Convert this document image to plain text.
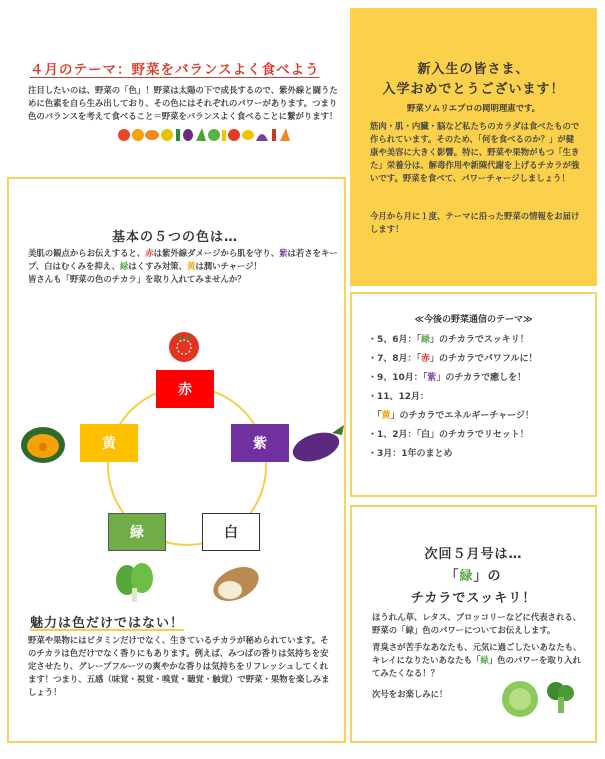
４月のテーマ：野菜をバランスよく食べよう
注目したいのは、野菜の「色」！野菜は太陽の下で成長するので、紫外線と闘うために色素を自ら生み出しており、その色にはそれぞれのパワーがあります。つまり色のバランスを考えて食べること＝野菜をバランスよく食べることに繋がります！
新入生の皆さま、
入学おめでとうございます！
野菜ソムリエプロの岡明理恵です。
筋肉・肌・内臓・脳など私たちのカラダは食べたもので作られています。そのため、「何を食べるのか？」が健康や美容に大きく影響。特に、野菜や果物がもつ「生きた」栄養分は、解毒作用や新陳代謝を上げるチカラが強いです。野菜を食べて、パワーチャージしましょう！
今月から月に１度、テーマに沿った野菜の情報をお届けします！
基本の５つの色は…
美肌の観点からお伝えすると、赤は紫外線ダメージから肌を守り、紫は若さをキープ、白はむくみを抑え、緑はくすみ対策、黄は潤いチャージ！
皆さんも「野菜の色のチカラ」を取り入れてみませんか？
赤
紫
黄
緑	白
魅力は色だけではない！
野菜や果物にはビタミンだけでなく、生きているチカラが秘められています。そのチカラは色だけでなく香りにもあります。例えば、みつばの香りは気持ちを安定させたり、グレープフルーツの爽やかな香りは気持ちをリフレッシュしてくれます！つまり、五感（味覚・視覚・嗅覚・聴覚・触覚）で野菜・果物を楽しみましょう！
≪今後の野菜通信のテーマ≫
・5、6月：「緑」のチカラでスッキリ！
・7、8月：「赤」のチカラでパワフルに！
・9、10月：「紫」のチカラで癒しを！
・11、12月：
　「黄」のチカラでエネルギーチャージ！
・1、2月：「白」のチカラでリセット！
・3月：1年のまとめ
次回５月号は…
「緑」の
チカラでスッキリ！
ほうれん草、レタス、ブロッコリーなどに代表される、野菜の「緑」色のパワーについてお伝えします。
青臭さが苦手なあなたも、元気に過ごしたいあなたも、キレイになりたいあなたも「緑」色のパワーを取り入れてみたくなる！？
次号をお楽しみに！
